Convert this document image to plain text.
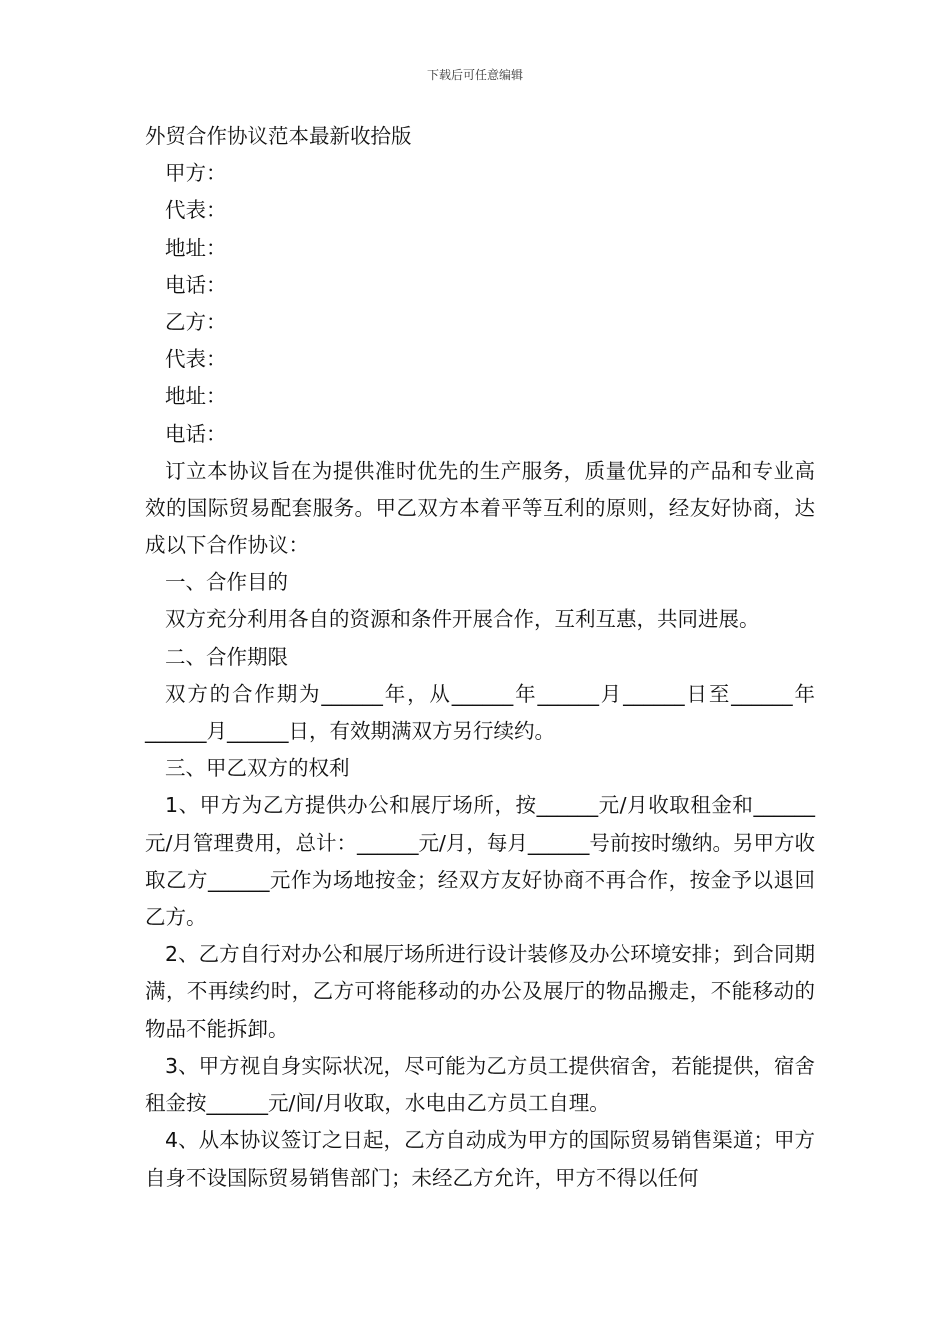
下载后可任意编辑
外贸合作协议范本最新收拾版
甲方：
代表：
地址：
电话：
乙方：
代表：
地址：
电话：
订立本协议旨在为提供准时优先的生产服务，质量优异的产品和专业高效的国际贸易配套服务。甲乙双方本着平等互利的原则，经友好协商，达成以下合作协议：
一、合作目的
双方充分利用各自的资源和条件开展合作，互利互惠，共同进展。
二、合作期限
双方的合作期为______年，从______年______月______日至______年______月______日，有效期满双方另行续约。
三、甲乙双方的权利
1、甲方为乙方提供办公和展厅场所，按______元/月收取租金和______元/月管理费用，总计：______元/月，每月______号前按时缴纳。另甲方收取乙方______元作为场地按金；经双方友好协商不再合作，按金予以退回乙方。
2、乙方自行对办公和展厅场所进行设计装修及办公环境安排；到合同期满，不再续约时，乙方可将能移动的办公及展厅的物品搬走，不能移动的物品不能拆卸。
3、甲方视自身实际状况，尽可能为乙方员工提供宿舍，若能提供，宿舍租金按______元/间/月收取，水电由乙方员工自理。
4、从本协议签订之日起，乙方自动成为甲方的国际贸易销售渠道；甲方自身不设国际贸易销售部门；未经乙方允许，甲方不得以任何
